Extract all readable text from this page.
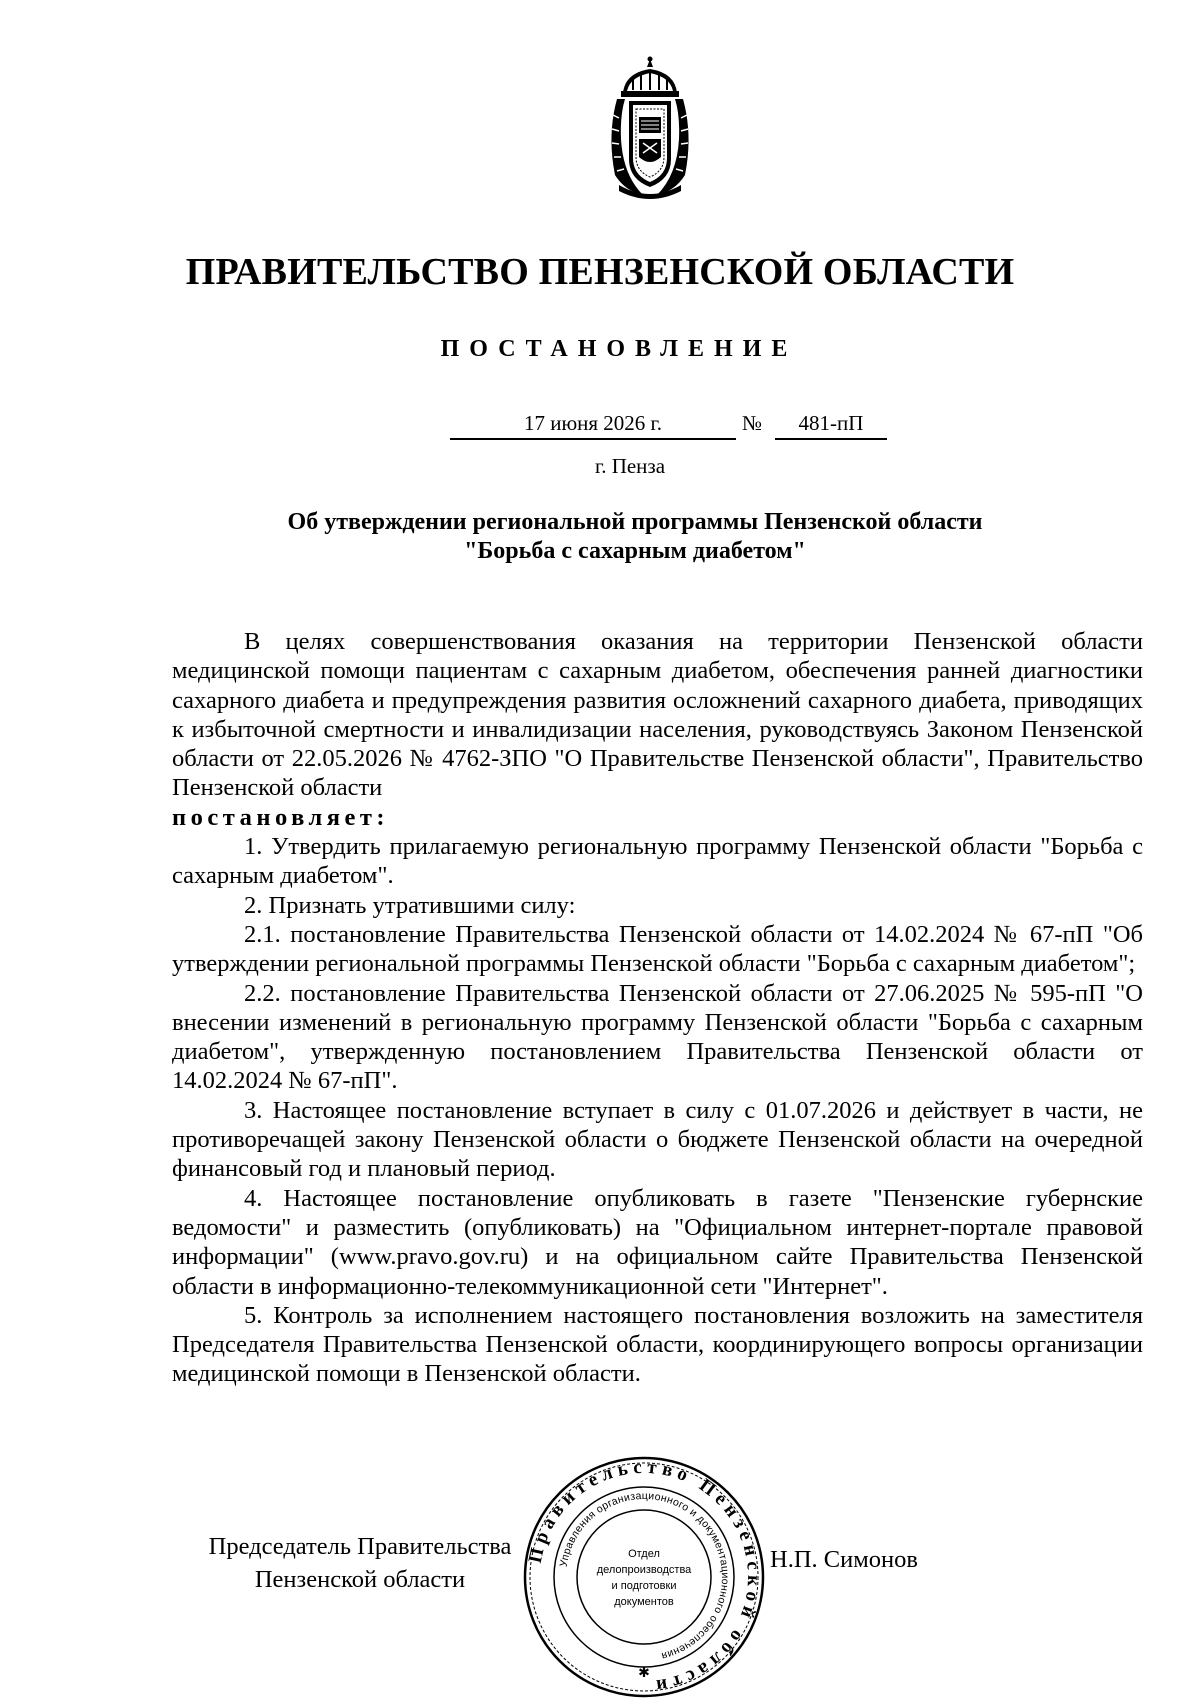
ПРАВИТЕЛЬСТВО ПЕНЗЕНСКОЙ ОБЛАСТИ
ПОСТАНОВЛЕНИЕ
17 июня 2026 г.	№	481-пП
г. Пенза
Об утверждении региональной программы Пензенской области
"Борьба с сахарным диабетом"

В целях совершенствования оказания на территории Пензенской области медицинской помощи пациентам с сахарным диабетом, обеспечения ранней диагностики сахарного диабета и предупреждения развития осложнений сахарного диабета, приводящих к избыточной смертности и инвалидизации населения, руководствуясь Законом Пензенской области от 22.05.2026 № 4762-ЗПО "О Правительстве Пензенской области", Правительство Пензенской области

постановляет:

1. Утвердить прилагаемую региональную программу Пензенской области "Борьба с сахарным диабетом".

2. Признать утратившими силу:

2.1. постановление Правительства Пензенской области от 14.02.2024 № 67-пП "Об утверждении региональной программы Пензенской области "Борьба с сахарным диабетом";

2.2. постановление Правительства Пензенской области от 27.06.2025 № 595-пП "О внесении изменений в региональную программу Пензенской области "Борьба с сахарным диабетом", утвержденную постановлением Правительства Пензенской области от 14.02.2024 № 67-пП".

3. Настоящее постановление вступает в силу с 01.07.2026 и действует в части, не противоречащей закону Пензенской области о бюджете Пензенской области на очередной финансовый год и плановый период.

4. Настоящее постановление опубликовать в газете "Пензенские губернские ведомости" и разместить (опубликовать) на "Официальном интернет-портале правовой информации" (www.pravo.gov.ru) и на официальном сайте Правительства Пензенской области в информационно-телекоммуникационной сети "Интернет".

5. Контроль за исполнением настоящего постановления возложить на заместителя Председателя Правительства Пензенской области, координирующего вопросы организации медицинской помощи в Пензенской области.

Председатель Правительства
Пензенской области
Н.П. Симонов
Правительство Пензенской области
Управления организационного и документационного обеспечения
Отдел
делопроизводства
и подготовки
документов
✱
